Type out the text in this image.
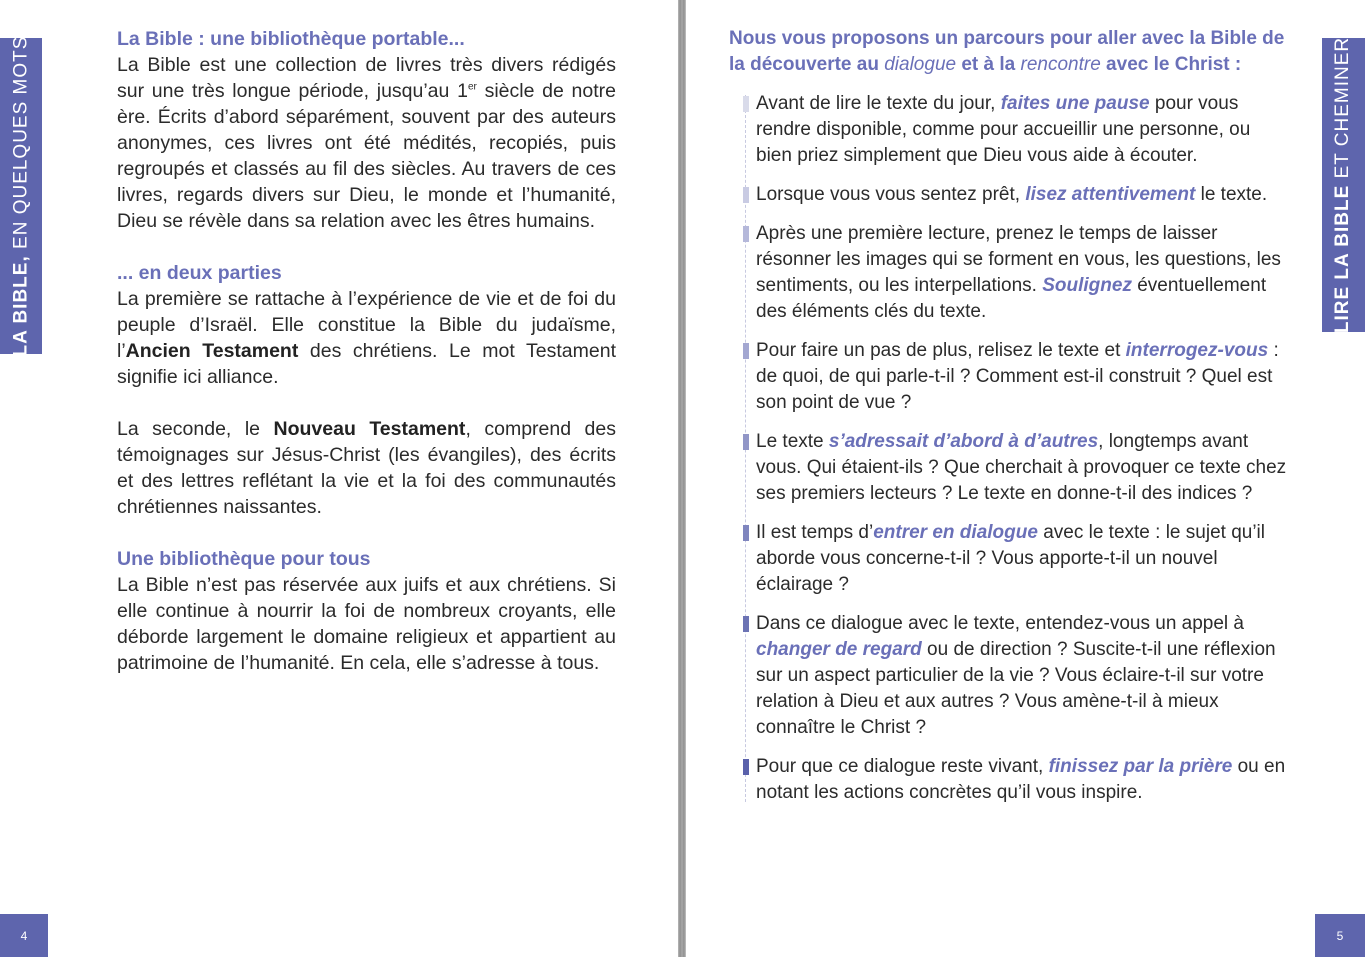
LA BIBLE, EN QUELQUES MOTS	La Bible : une bibliothèque portable...

La Bible est une collection de livres très divers rédigés sur une très longue période, jusqu’au 1er siècle de notre ère. Écrits d’abord séparément, souvent par des auteurs anonymes, ces livres ont été médités, recopiés, puis regroupés et classés au fil des siècles. Au travers de ces livres, regards divers sur Dieu, le monde et l’humanité, Dieu se révèle dans sa relation avec les êtres humains.

... en deux parties

La première se rattache à l’expérience de vie et de foi du peuple d’Israël. Elle constitue la Bible du judaïsme, l’Ancien Testament des chrétiens. Le mot Testament signifie ici alliance.

La seconde, le Nouveau Testament, comprend des témoignages sur Jésus-Christ (les évangiles), des écrits et des lettres reflétant la vie et la foi des communautés chrétiennes naissantes.

Une bibliothèque pour tous

La Bible n’est pas réservée aux juifs et aux chrétiens. Si elle continue à nourrir la foi de nombreux croyants, elle déborde largement le domaine religieux et appartient au patrimoine de l’humanité. En cela, elle s’adresse à tous.

4

Nous vous proposons un parcours pour aller avec la Bible de la découverte au dialogue et à la rencontre avec le Christ :

Avant de lire le texte du jour, faites une pause pour vous rendre disponible, comme pour accueillir une personne, ou bien priez simplement que Dieu vous aide à écouter.
Lorsque vous vous sentez prêt, lisez attentivement le texte.
Après une première lecture, prenez le temps de laisser résonner les images qui se forment en vous, les questions, les sentiments, ou les interpellations. Soulignez éventuellement des éléments clés du texte.
Pour faire un pas de plus, relisez le texte et interrogez-vous : de quoi, de qui parle-t-il ? Comment est-il construit ? Quel est son point de vue ?
Le texte s’adressait d’abord à d’autres, longtemps avant vous. Qui étaient-ils ? Que cherchait à provoquer ce texte chez ses premiers lecteurs ? Le texte en donne-t-il des indices ?
Il est temps d’entrer en dialogue avec le texte : le sujet qu’il aborde vous concerne-t-il ? Vous apporte-t-il un nouvel éclairage ?
Dans ce dialogue avec le texte, entendez-vous un appel à changer de regard ou de direction ? Suscite-t-il une réflexion sur un aspect particulier de la vie ? Vous éclaire-t-il sur votre relation à Dieu et aux autres ? Vous amène-t-il à mieux connaître le Christ ?
Pour que ce dialogue reste vivant, finissez par la prière ou en notant les actions concrètes qu’il vous inspire.
LIRE LA BIBLE ET CHEMINER
5
